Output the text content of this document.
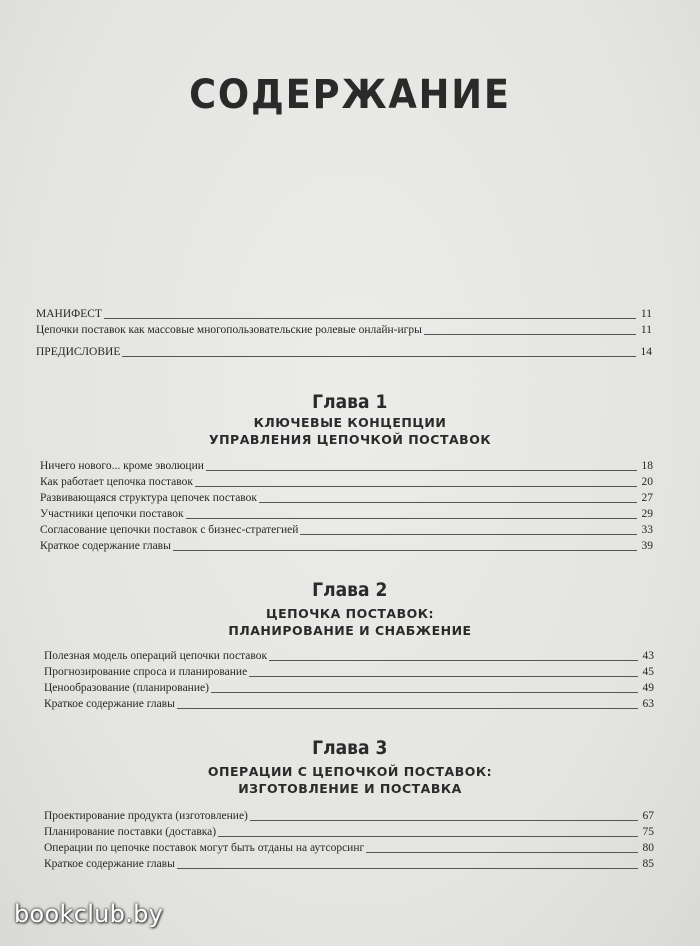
СОДЕРЖАНИЕ
МАНИФЕСТ	11
Цепочки поставок как массовые многопользовательские ролевые онлайн-игры	11
ПРЕДИСЛОВИЕ	14
Глава 1
КЛЮЧЕВЫЕ КОНЦЕПЦИИ
УПРАВЛЕНИЯ ЦЕПОЧКОЙ ПОСТАВОК
Ничего нового... кроме эволюции	18
Как работает цепочка поставок	20
Развивающаяся структура цепочек поставок	27
Участники цепочки поставок	29
Согласование цепочки поставок с бизнес-стратегией	33
Краткое содержание главы	39
Глава 2
ЦЕПОЧКА ПОСТАВОК:
ПЛАНИРОВАНИЕ И СНАБЖЕНИЕ
Полезная модель операций цепочки поставок	43
Прогнозирование спроса и планирование	45
Ценообразование (планирование)	49
Краткое содержание главы	63
Глава 3
ОПЕРАЦИИ С ЦЕПОЧКОЙ ПОСТАВОК:
ИЗГОТОВЛЕНИЕ И ПОСТАВКА
Проектирование продукта (изготовление)	67
Планирование поставки (доставка)	75
Операции по цепочке поставок могут быть отданы на аутсорсинг	80
Краткое содержание главы	85
bookclub.by
